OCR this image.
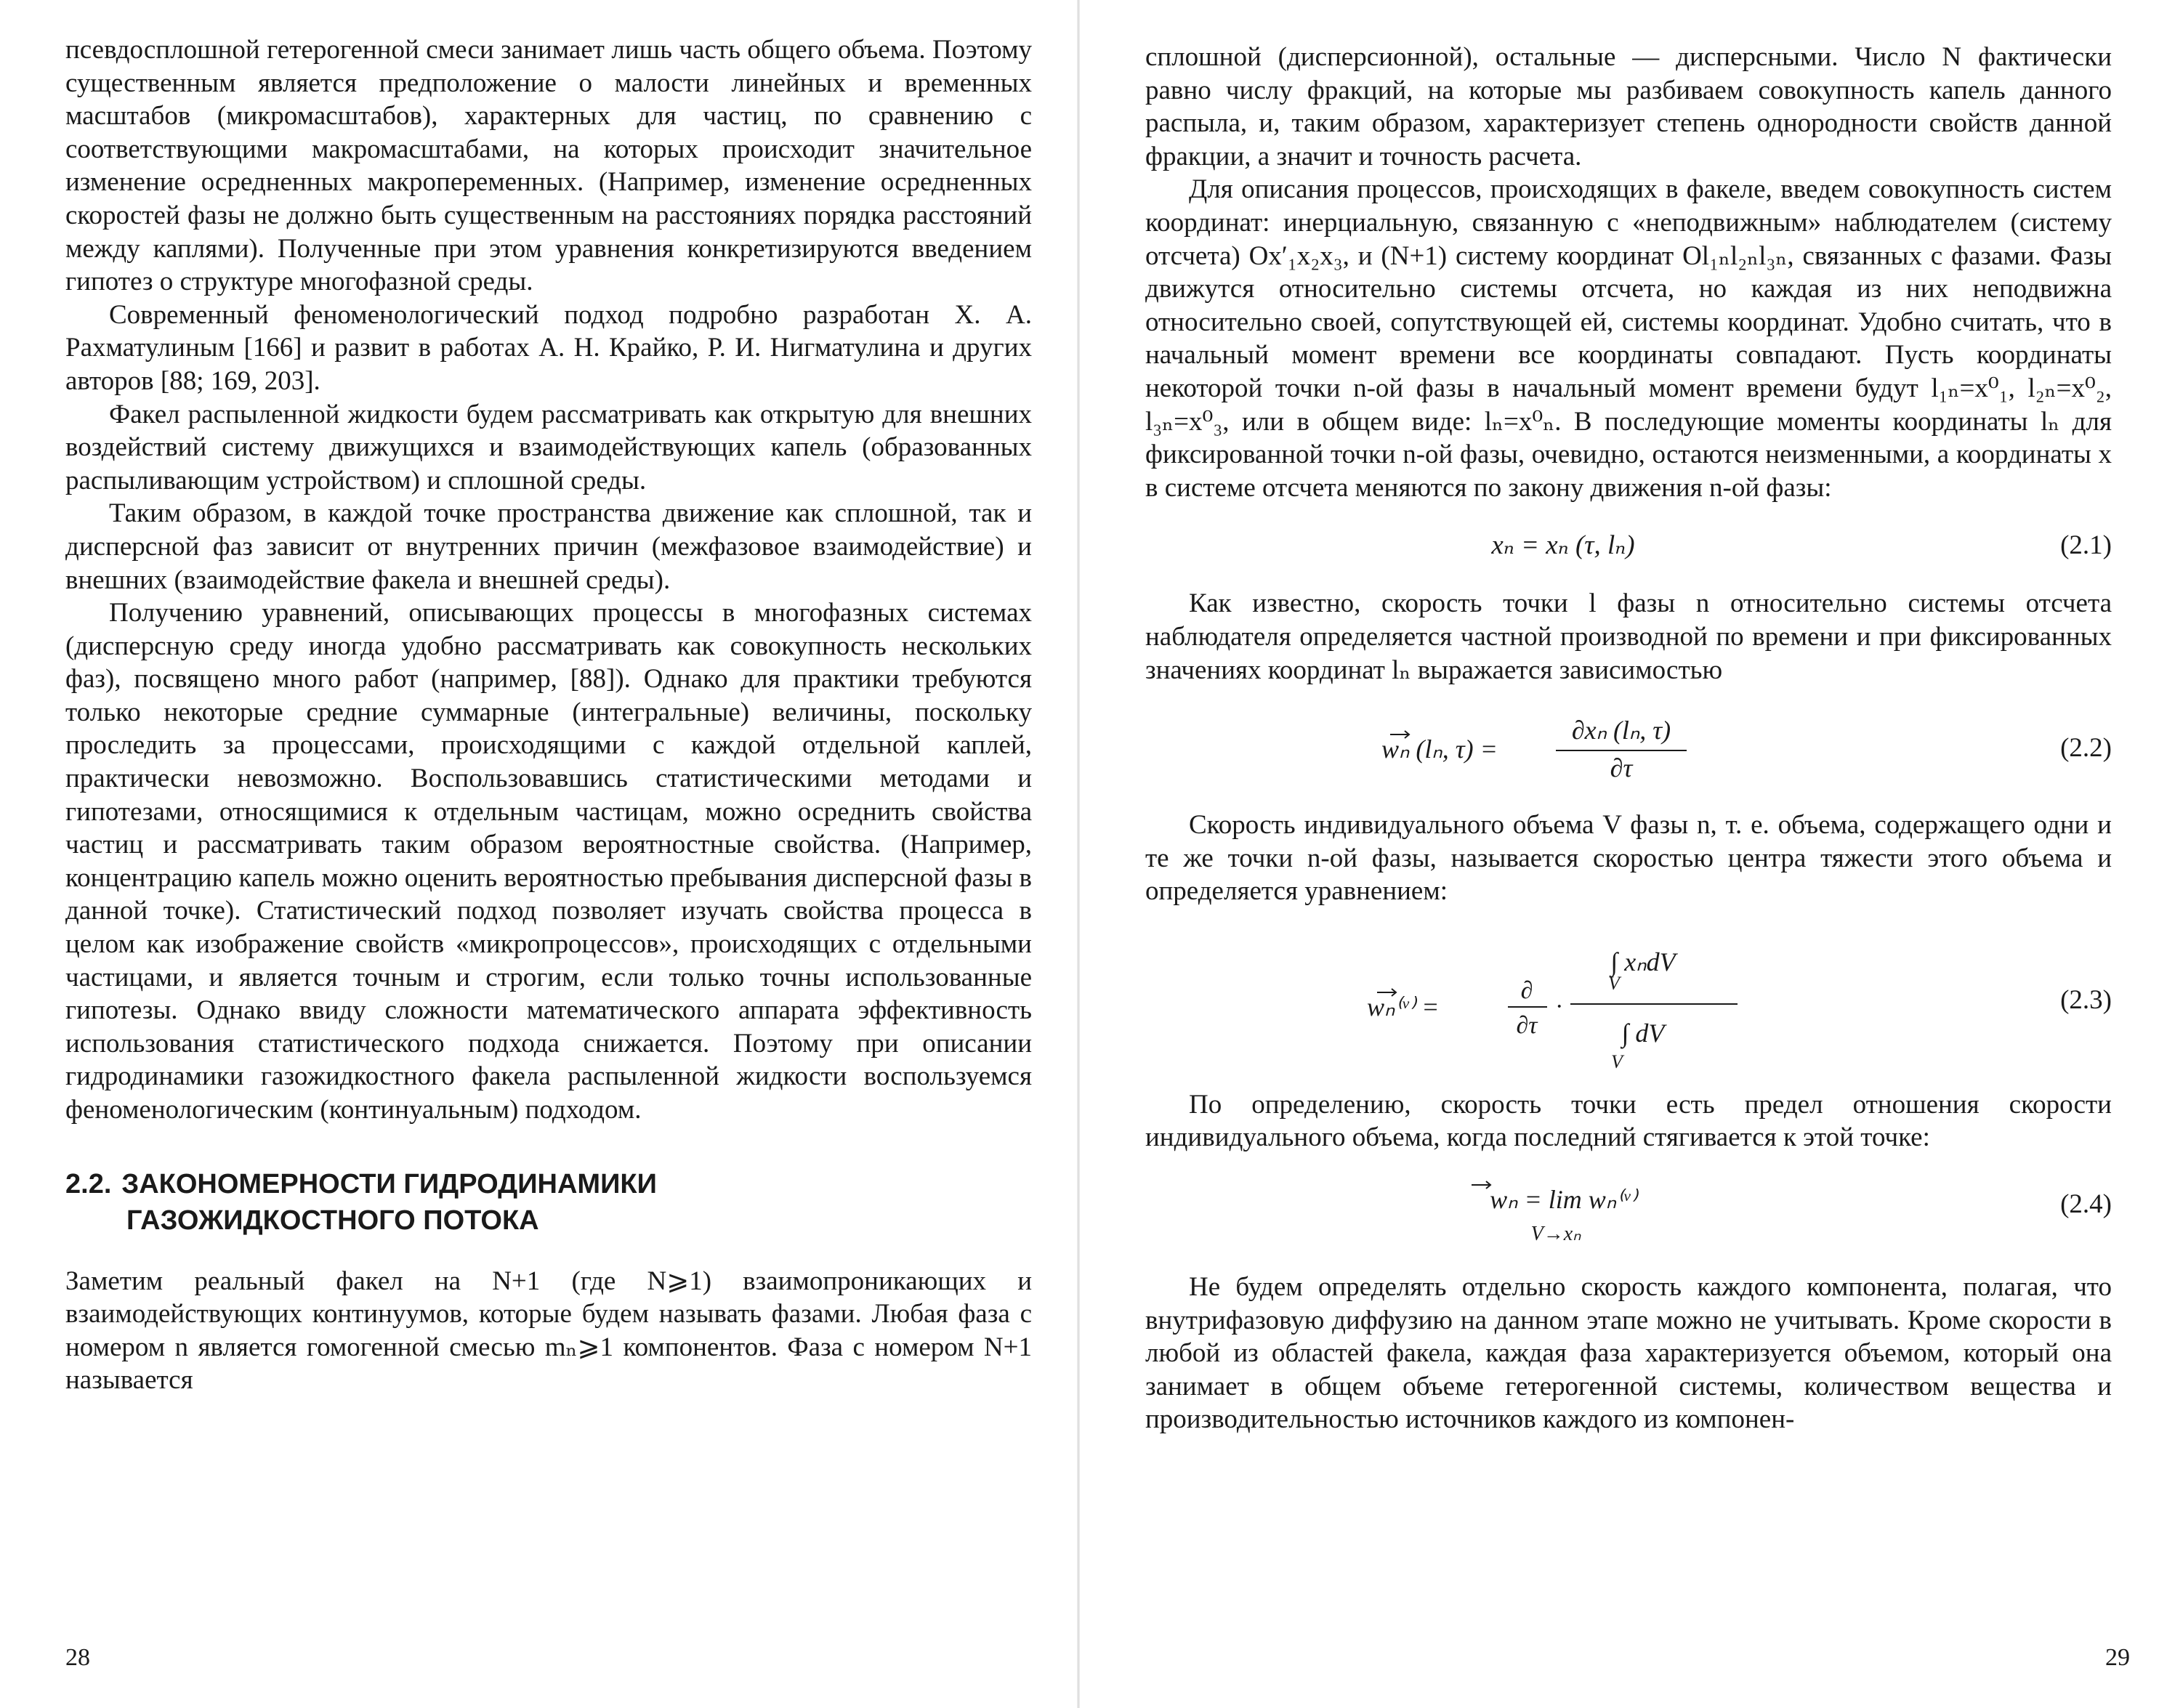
псевдосплошной гетерогенной смеси занимает лишь часть общего объема. Поэтому существенным является предположение о малости линейных и временных масштабов (микромасштабов), характерных для частиц, по сравнению с соответствующими макромасштабами, на которых происходит значительное изменение осредненных макропеременных. (Например, изменение осредненных скоростей фазы не должно быть существенным на расстояниях порядка расстояний между каплями). Полученные при этом уравнения конкретизируются введением гипотез о структуре многофазной среды.

Современный феноменологический подход подробно разработан Х. А. Рахматулиным [166] и развит в работах А. Н. Крайко, Р. И. Нигматулина и других авторов [88; 169, 203].

Факел распыленной жидкости будем рассматривать как открытую для внешних воздействий систему движущихся и взаимодействующих капель (образованных распыливающим устройством) и сплошной среды.

Таким образом, в каждой точке пространства движение как сплошной, так и дисперсной фаз зависит от внутренних причин (межфазовое взаимодействие) и внешних (взаимодействие факела и внешней среды).

Получению уравнений, описывающих процессы в многофазных системах (дисперсную среду иногда удобно рассматривать как совокупность нескольких фаз), посвящено много работ (например, [88]). Однако для практики требуются только некоторые средние суммарные (интегральные) величины, поскольку проследить за процессами, происходящими с каждой отдельной каплей, практически невозможно. Воспользовавшись статистическими методами и гипотезами, относящимися к отдельным частицам, можно осреднить свойства частиц и рассматривать таким образом вероятностные свойства. (Например, концентрацию капель можно оценить вероятностью пребывания дисперсной фазы в данной точке). Статистический подход позволяет изучать свойства процесса в целом как изображение свойств «микропроцессов», происходящих с отдельными частицами, и является точным и строгим, если только точны использованные гипотезы. Однако ввиду сложности математического аппарата эффективность использования статистического подхода снижается. Поэтому при описании гидродинамики газожидкостного факела распыленной жидкости воспользуемся феноменологическим (континуальным) подходом.

2.2. ЗАКОНОМЕРНОСТИ ГИДРОДИНАМИКИ
ГАЗОЖИДКОСТНОГО ПОТОКА

Заметим реальный факел на N+1 (где N⩾1) взаимопроникающих и взаимодействующих континуумов, которые будем называть фазами. Любая фаза с номером n является гомогенной смесью mₙ⩾1 компонентов. Фаза с номером N+1 называется

28

сплошной (дисперсионной), остальные — дисперсными. Число N фактически равно числу фракций, на которые мы разбиваем совокупность капель данного распыла, и, таким образом, характеризует степень однородности свойств данной фракции, а значит и точность расчета.

Для описания процессов, происходящих в факеле, введем совокупность систем координат: инерциальную, связанную с «неподвижным» наблюдателем (систему отсчета) Ox′₁x₂x₃, и (N+1) систему координат Ol₁ₙl₂ₙl₃ₙ, связанных с фазами. Фазы движутся относительно системы отсчета, но каждая из них неподвижна относительно своей, сопутствующей ей, системы координат. Удобно считать, что в начальный момент времени все координаты совпадают. Пусть координаты некоторой точки n-ой фазы в начальный момент времени будут l₁ₙ=x⁰₁, l₂ₙ=x⁰₂, l₃ₙ=x⁰₃, или в общем виде: lₙ=x⁰ₙ. В последующие моменты координаты lₙ для фиксированной точки n-ой фазы, очевидно, остаются неизменными, а координаты x в системе отсчета меняются по закону движения n-ой фазы:

xₙ = xₙ (τ, lₙ)	(2.1)

Как известно, скорость точки l фазы n относительно системы отсчета наблюдателя определяется частной производной по времени и при фиксированных значениях координат lₙ выражается зависимостью

wₙ (lₙ, τ) =
∂xₙ (lₙ, τ)
∂τ
(2.2)

Скорость индивидуального объема V фазы n, т. е. объема, содержащего одни и те же точки n-ой фазы, называется скоростью центра тяжести этого объема и определяется уравнением:

wₙ⁽ᵛ⁾ =
∂
∂τ
·
∫ xₙdV
V
∫ dV
V
(2.3)

По определению, скорость точки есть предел отношения скорости индивидуального объема, когда последний стягивается к этой точке:

wₙ = lim wₙ⁽ᵛ⁾
V→xₙ
(2.4)

Не будем определять отдельно скорость каждого компонента, полагая, что внутрифазовую диффузию на данном этапе можно не учитывать. Кроме скорости в любой из областей факела, каждая фаза характеризуется объемом, который она занимает в общем объеме гетерогенной системы, количеством вещества и производительностью источников каждого из компонен-

29
